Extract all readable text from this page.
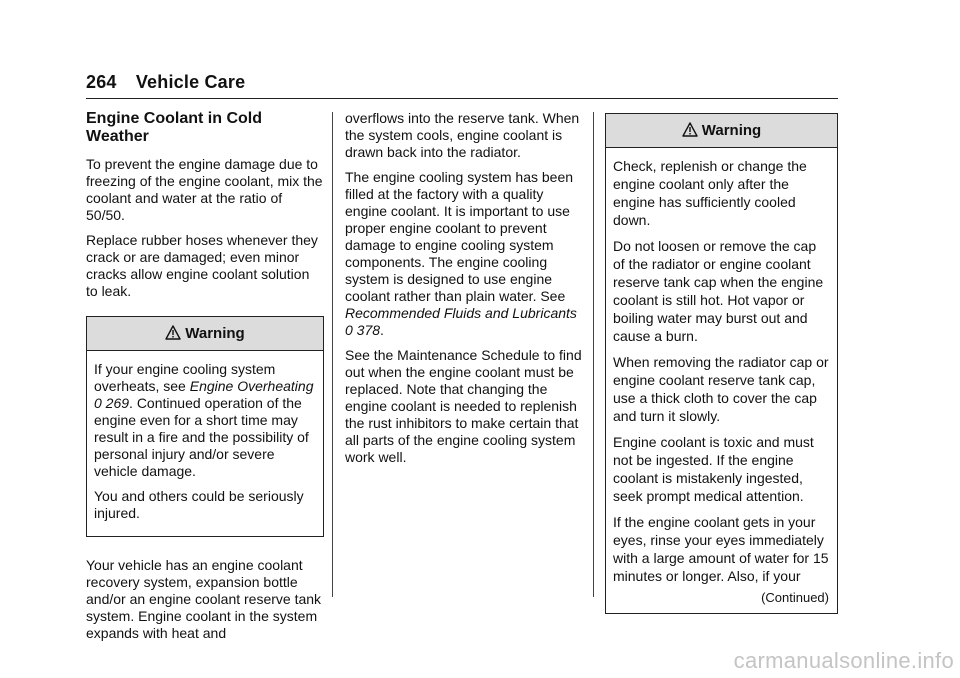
264 Vehicle Care
Engine Coolant in Cold Weather

To prevent the engine damage due to freezing of the engine coolant, mix the coolant and water at the ratio of 50/50.

Replace rubber hoses whenever they crack or are damaged; even minor cracks allow engine coolant solution to leak.

Warning

If your engine cooling system overheats, see Engine Overheating 0 269. Continued operation of the engine even for a short time may result in a fire and the possibility of personal injury and/or severe vehicle damage.

You and others could be seriously injured.

Your vehicle has an engine coolant recovery system, expansion bottle and/or an engine coolant reserve tank system. Engine coolant in the system expands with heat and

overflows into the reserve tank. When the system cools, engine coolant is drawn back into the radiator.

The engine cooling system has been filled at the factory with a quality engine coolant. It is important to use proper engine coolant to prevent damage to engine cooling system components. The engine cooling system is designed to use engine coolant rather than plain water. See Recommended Fluids and Lubricants 0 378.

See the Maintenance Schedule to find out when the engine coolant must be replaced. Note that changing the engine coolant is needed to replenish the rust inhibitors to make certain that all parts of the engine cooling system work well.

Warning

Check, replenish or change the engine coolant only after the engine has sufficiently cooled down.

Do not loosen or remove the cap of the radiator or engine coolant reserve tank cap when the engine coolant is still hot. Hot vapor or boiling water may burst out and cause a burn.

When removing the radiator cap or engine coolant reserve tank cap, use a thick cloth to cover the cap and turn it slowly.

Engine coolant is toxic and must not be ingested. If the engine coolant is mistakenly ingested, seek prompt medical attention.

If the engine coolant gets in your eyes, rinse your eyes immediately with a large amount of water for 15 minutes or longer. Also, if your

(Continued)
carmanualsonline.info
